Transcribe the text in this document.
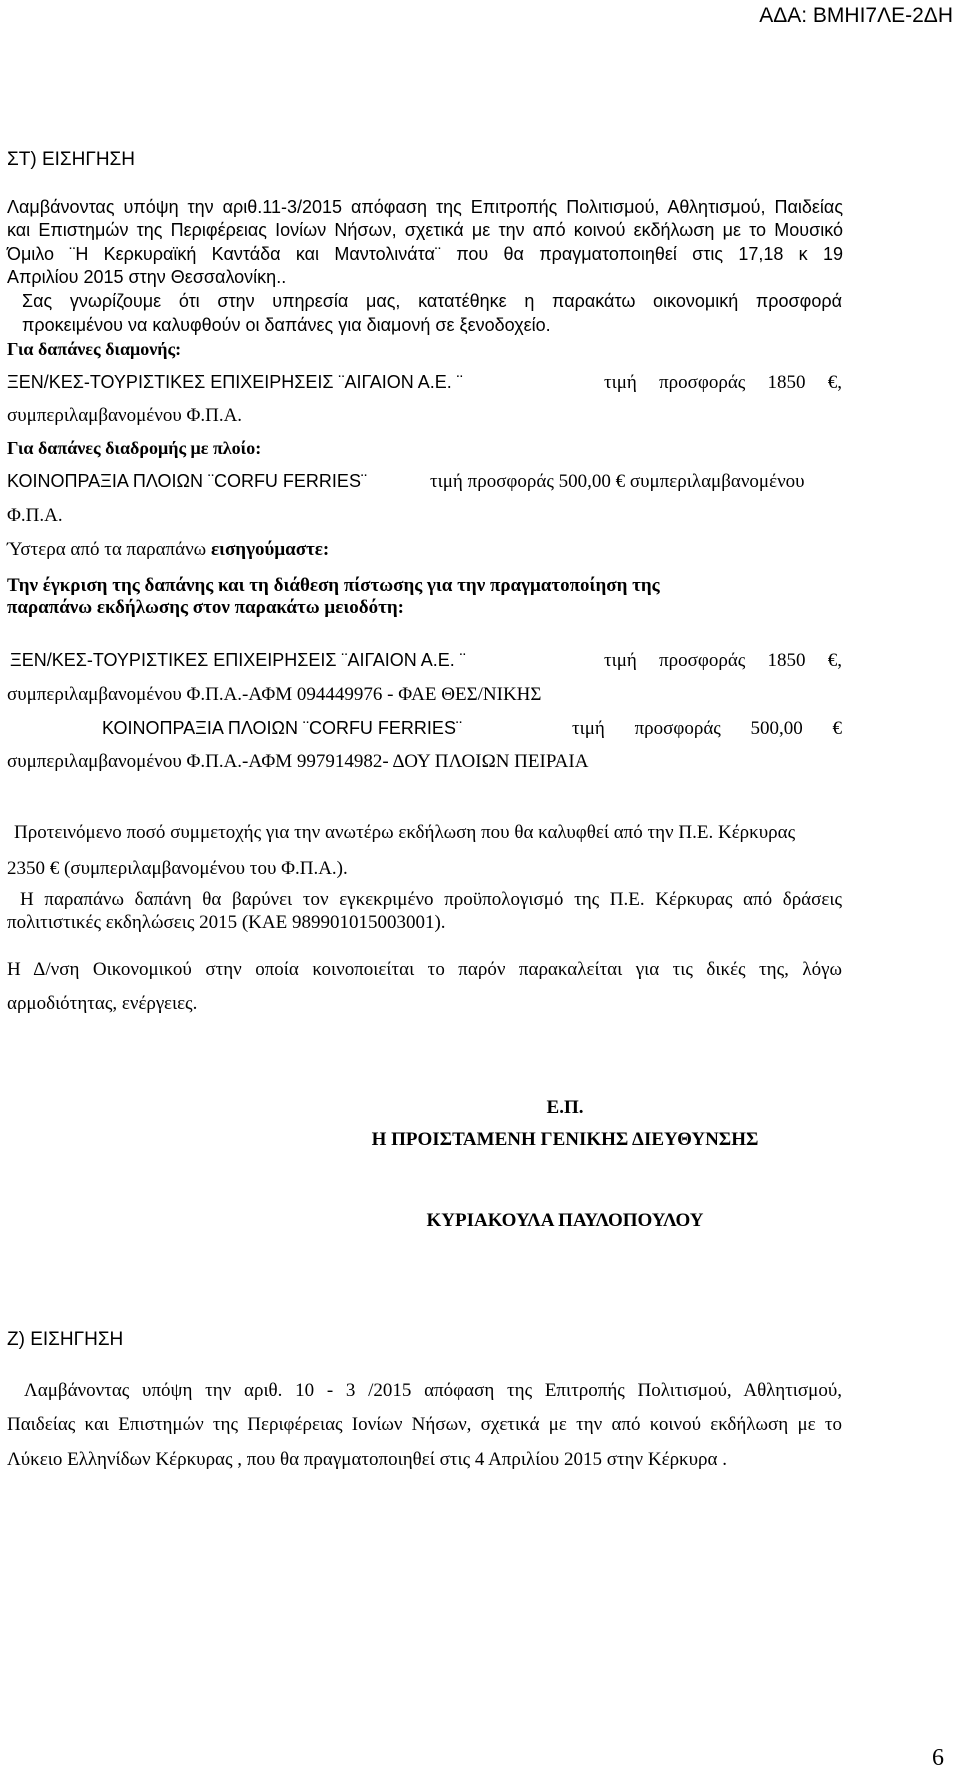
ΑΔΑ: ΒΜΗΙ7ΛΕ-2ΔΗ
ΣΤ) ΕΙΣΗΓΗΣΗ
Λαμβάνοντας υπόψη την αριθ.11-3/2015 απόφαση της Επιτροπής Πολιτισμού, Αθλητισμού, Παιδείας
και Επιστημών της Περιφέρειας Ιονίων Νήσων, σχετικά με την από κοινού εκδήλωση με το Μουσικό
Όμιλο ¨Η Κερκυραϊκή Καντάδα και Μαντολινάτα¨ που θα πραγματοποιηθεί στις 17,18 κ 19
Απριλίου 2015 στην Θεσσαλονίκη..
Σας γνωρίζουμε ότι στην υπηρεσία μας, κατατέθηκε η παρακάτω οικονομική προσφορά
προκειμένου να καλυφθούν οι δαπάνες για διαμονή σε ξενοδοχείο.
Για δαπάνες διαμονής:
ΞΕΝ/ΚΕΣ-ΤΟΥΡΙΣΤΙΚΕΣ ΕΠΙΧΕΙΡΗΣΕΙΣ ¨ΑΙΓΑΙΟΝ Α.Ε. ¨	τιμή προσφοράς 1850 €,
συμπεριλαμβανομένου Φ.Π.Α.
Για δαπάνες διαδρομής με πλοίο:
ΚΟΙΝΟΠΡΑΞΙΑ ΠΛΟΙΩΝ ¨CORFU FERRIES¨	τιμή προσφοράς 500,00 € συμπεριλαμβανομένου
Φ.Π.Α.
Ύστερα από τα παραπάνω εισηγούμαστε:
Την έγκριση της δαπάνης και τη διάθεση πίστωσης για την πραγματοποίηση της
παραπάνω εκδήλωσης στον παρακάτω μειοδότη:
ΞΕΝ/ΚΕΣ-ΤΟΥΡΙΣΤΙΚΕΣ ΕΠΙΧΕΙΡΗΣΕΙΣ ¨ΑΙΓΑΙΟΝ Α.Ε. ¨	τιμή προσφοράς 1850 €,
συμπεριλαμβανομένου Φ.Π.Α.-ΑΦΜ 094449976 - ΦΑΕ ΘΕΣ/ΝΙΚΗΣ
ΚΟΙΝΟΠΡΑΞΙΑ ΠΛΟΙΩΝ ¨CORFU FERRIES¨	τιμή προσφοράς 500,00 €
συμπεριλαμβανομένου Φ.Π.Α.-ΑΦΜ 997914982- ΔΟΥ ΠΛΟΙΩΝ ΠΕΙΡΑΙΑ
Προτεινόμενο ποσό συμμετοχής για την ανωτέρω εκδήλωση που θα καλυφθεί από την Π.Ε. Κέρκυρας
2350 € (συμπεριλαμβανομένου του Φ.Π.Α.).
Η παραπάνω δαπάνη θα βαρύνει τον εγκεκριμένο προϋπολογισμό της Π.Ε. Κέρκυρας από δράσεις
πολιτιστικές εκδηλώσεις 2015 (ΚΑΕ 989901015003001).
Η Δ/νση Οικονομικού στην οποία κοινοποιείται το παρόν παρακαλείται για τις δικές της, λόγω
αρμοδιότητας, ενέργειες.
Ε.Π.
Η ΠΡΟΙΣΤΑΜΕΝΗ ΓΕΝΙΚΗΣ ΔΙΕΥΘΥΝΣΗΣ
ΚΥΡΙΑΚΟΥΛΑ ΠΑΥΛΟΠΟΥΛΟΥ
Ζ) ΕΙΣΗΓΗΣΗ
Λαμβάνοντας υπόψη την αριθ. 10 - 3 /2015 απόφαση της Επιτροπής Πολιτισμού, Αθλητισμού,
Παιδείας και Επιστημών της Περιφέρειας Ιονίων Νήσων, σχετικά με την από κοινού εκδήλωση με το
Λύκειο Ελληνίδων Κέρκυρας , που θα πραγματοποιηθεί στις 4 Απριλίου 2015 στην Κέρκυρα .
6
